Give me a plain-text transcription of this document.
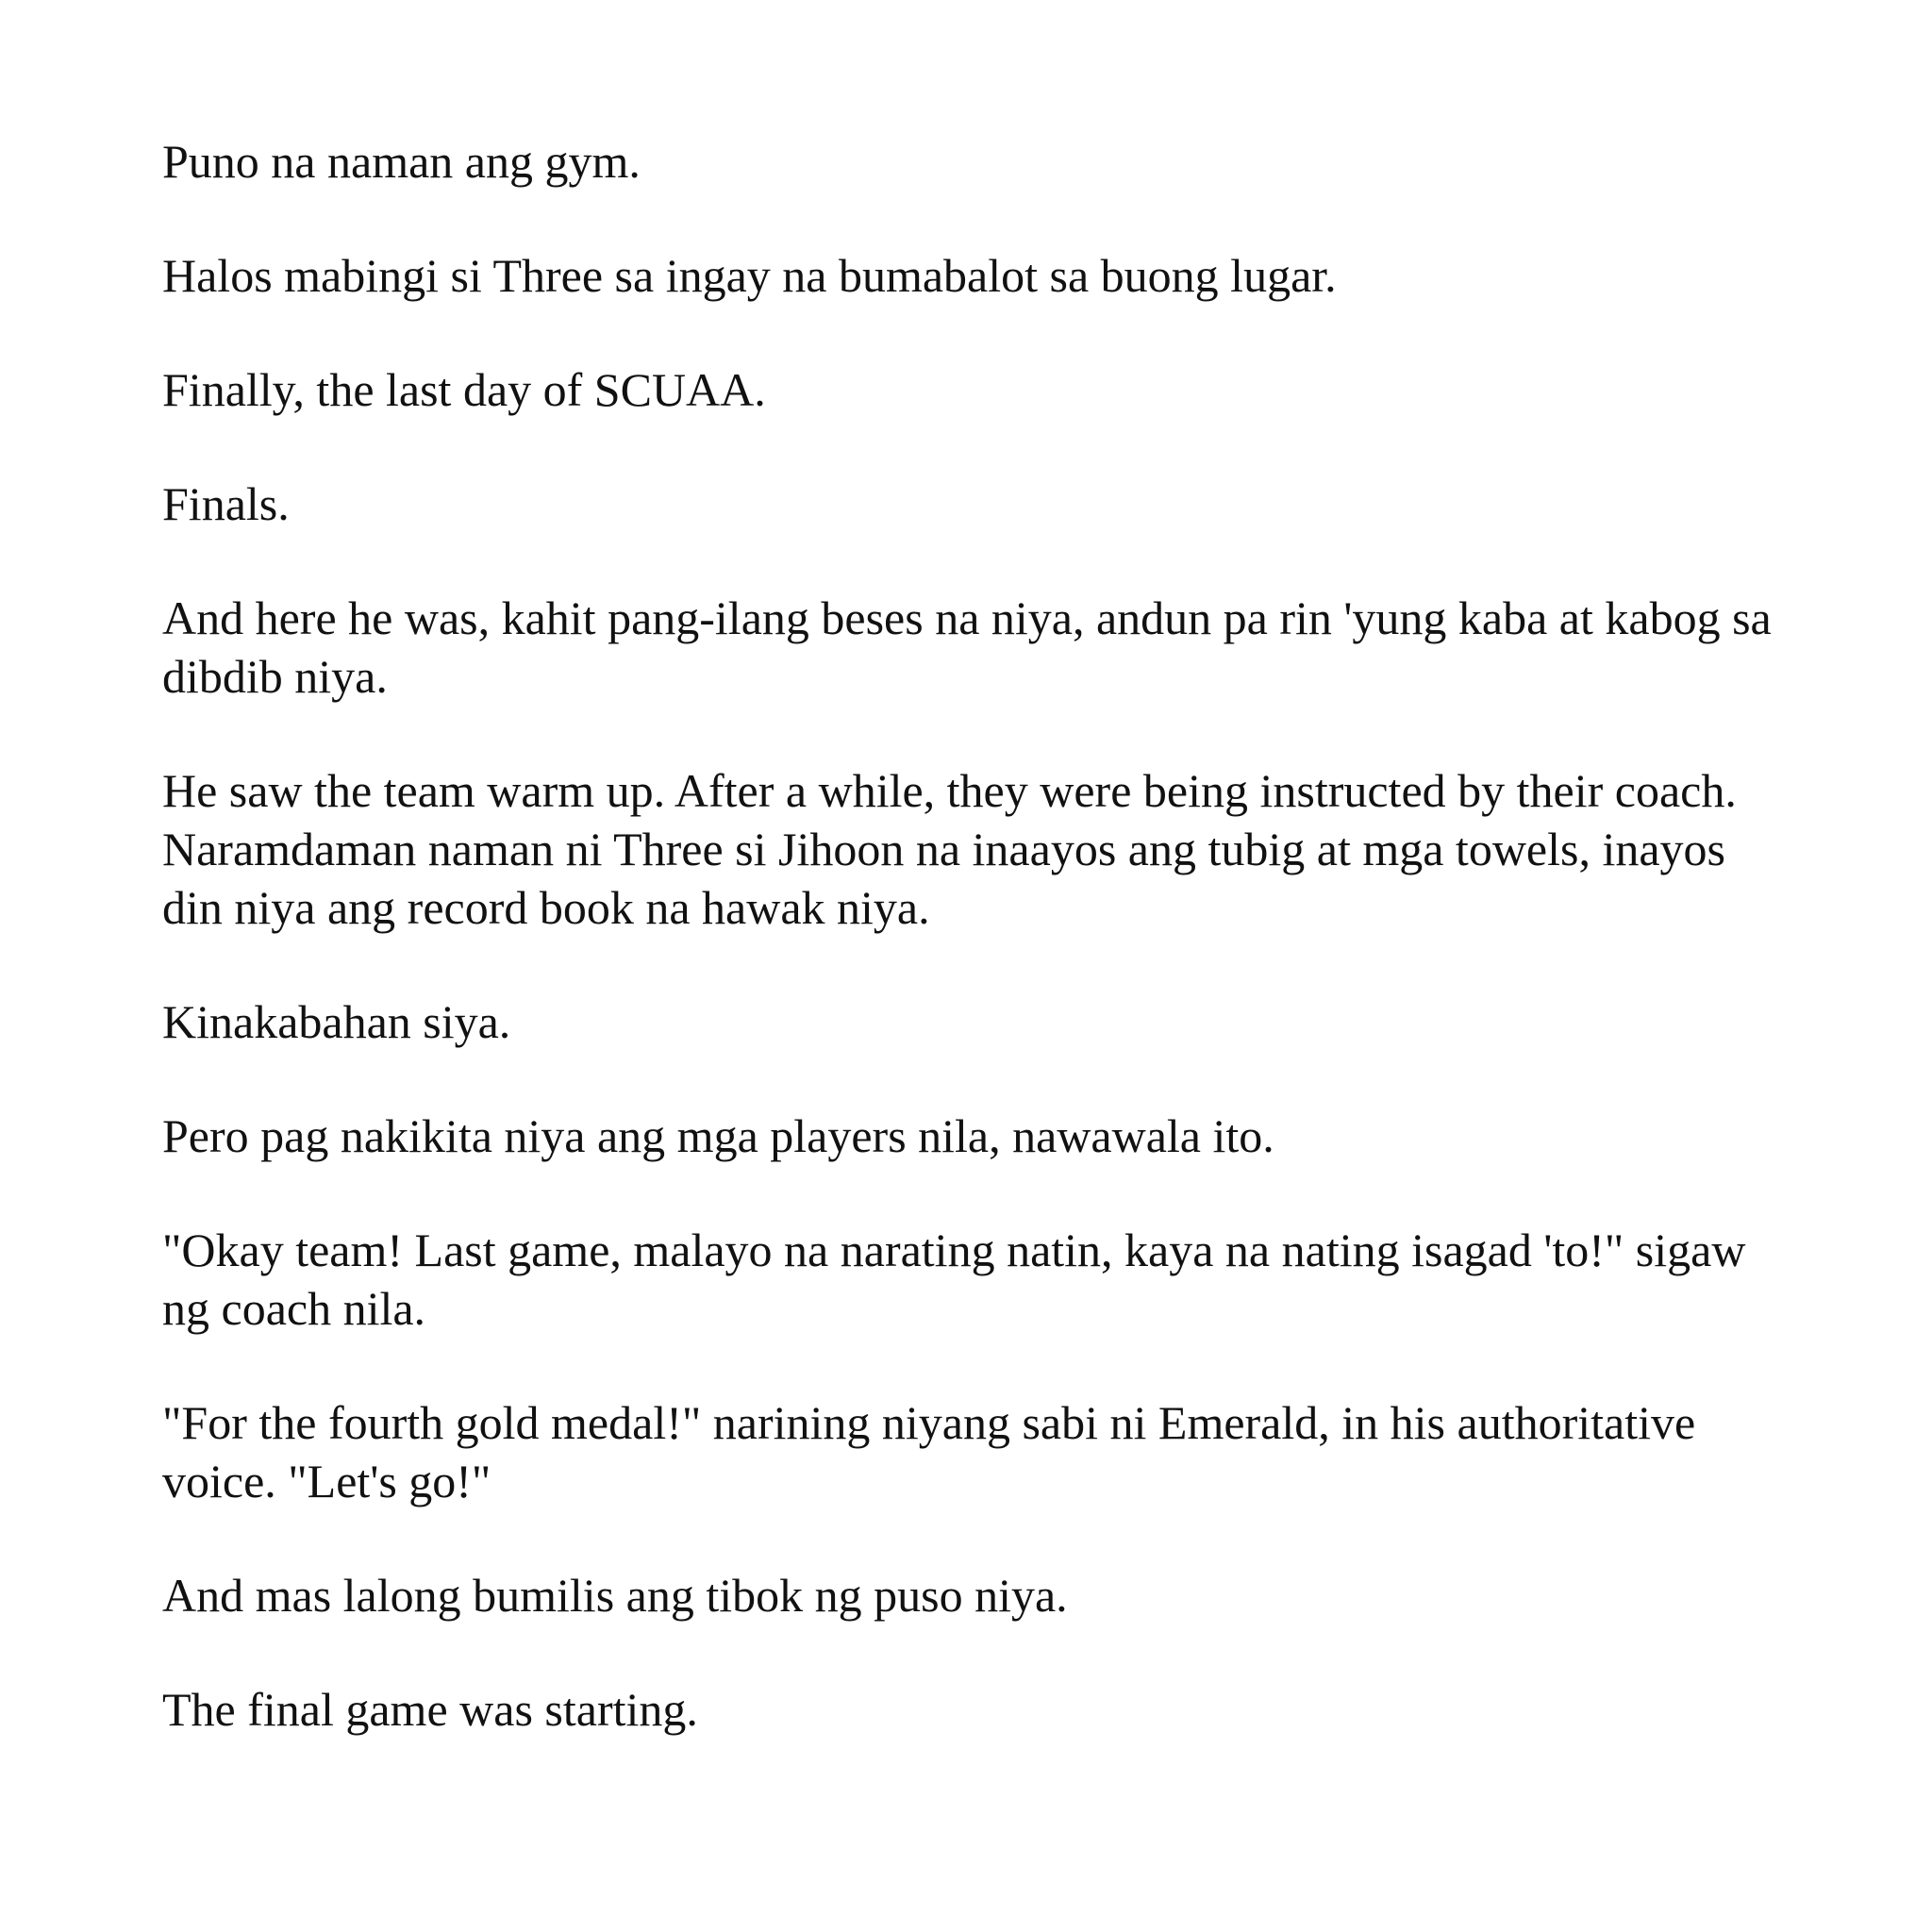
Puno na naman ang gym.

Halos mabingi si Three sa ingay na bumabalot sa buong lugar.

Finally, the last day of SCUAA.

Finals.

And here he was, kahit pang-ilang beses na niya, andun pa rin 'yung kaba at kabog sa dibdib niya.

He saw the team warm up. After a while, they were being instructed by their coach. Naramdaman naman ni Three si Jihoon na inaayos ang tubig at mga towels, inayos din niya ang record book na hawak niya.

Kinakabahan siya.

Pero pag nakikita niya ang mga players nila, nawawala ito.

"Okay team! Last game, malayo na narating natin, kaya na nating isagad 'to!" sigaw ng coach nila.

"For the fourth gold medal!" narining niyang sabi ni Emerald, in his authoritative voice. "Let's go!"

And mas lalong bumilis ang tibok ng puso niya.

The final game was starting.
